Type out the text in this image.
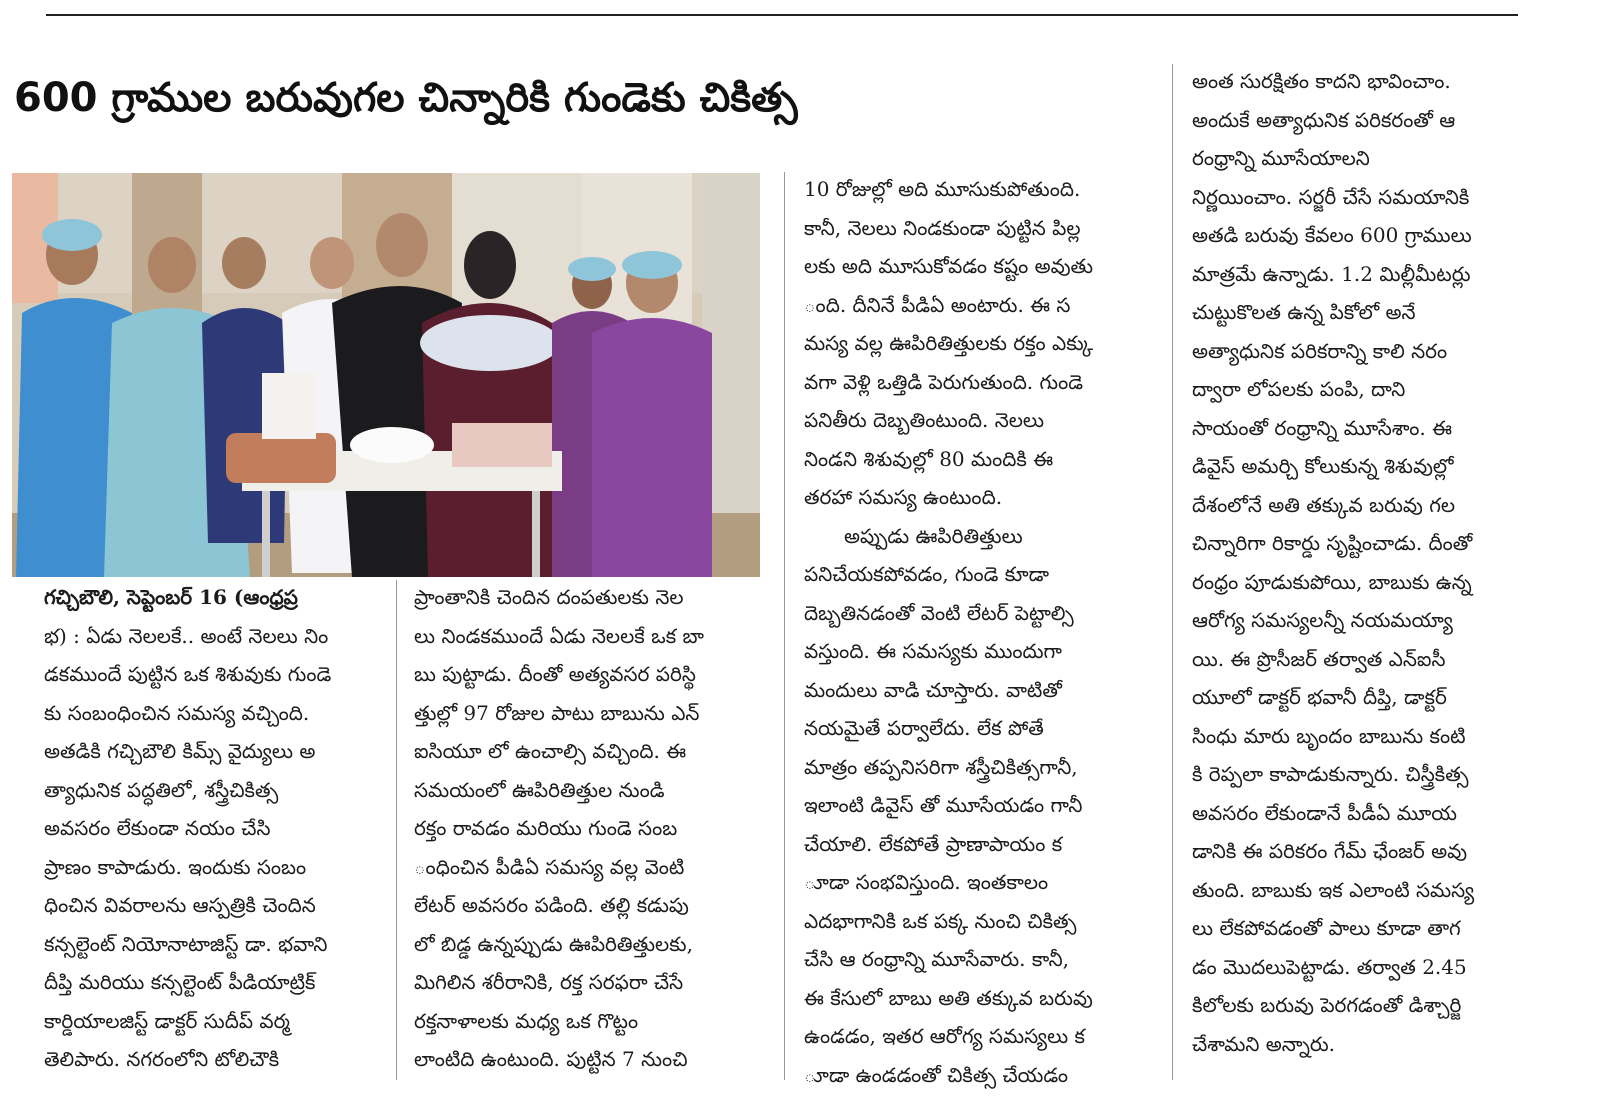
600 గ్రాముల బరువుగల చిన్నారికి గుండెకు చికిత్స
గచ్చిబౌలి, సెప్టెంబర్ 16 (ఆంధ్రప్ర
భ) : ఏడు నెలలకే.. అంటే నెలలు నిం
డకముందే పుట్టిన ఒక శిశువుకు గుండె
కు సంబంధించిన సమస్య వచ్చింది.
అతడికి గచ్చిబౌలి కిమ్స్ వైద్యులు అ
త్యాధునిక పద్ధతిలో, శస్త్రీచికిత్స
అవసరం లేకుండా నయం చేసి
ప్రాణం కాపాడురు. ఇందుకు సంబం
ధించిన వివరాలను ఆస్పత్రికి చెందిన
కన్సల్టెంట్ నియోనాటాజిస్ట్ డా. భవాని
దీప్తి మరియు కన్సల్టెంట్ పీడియాట్రిక్
కార్డియాలజిస్ట్ డాక్టర్ సుదీప్ వర్మ
తెలిపారు. నగరంలోని టోలిచౌకి
ప్రాంతానికి చెందిన దంపతులకు నెల
లు నిండకముందే ఏడు నెలలకే ఒక బా
బు పుట్టాడు. దీంతో అత్యవసర పరిస్థి
త్తుల్లో 97 రోజుల పాటు బాబును ఎన్
ఐసియూ లో ఉంచాల్సి వచ్చింది. ఈ
సమయంలో ఊపిరితిత్తుల నుండి
రక్తం రావడం మరియు గుండె సంబ
ంధించిన పీడిఏ సమస్య వల్ల వెంటి
లేటర్ అవసరం పడింది. తల్లి కడుపు
లో బిడ్డ ఉన్నప్పుడు ఊపిరితిత్తులకు,
మిగిలిన శరీరానికి, రక్త సరఫరా చేసే
రక్తనాళాలకు మధ్య ఒక గొట్టం
లాంటిది ఉంటుంది. పుట్టిన 7 నుంచి
10 రోజుల్లో అది మూసుకుపోతుంది.
కానీ, నెలలు నిండకుండా పుట్టిన పిల్ల
లకు అది మూసుకోవడం కష్టం అవుతు
ంది. దీనినే పీడిఏ అంటారు. ఈ స
మస్య వల్ల ఊపిరితిత్తులకు రక్తం ఎక్కు
వగా వెళ్లి ఒత్తిడి పెరుగుతుంది. గుండె
పనితీరు దెబ్బతింటుంది. నెలలు
నిండని శిశువుల్లో 80 మందికి ఈ
తరహా సమస్య ఉంటుంది.
అప్పుడు ఊపిరితిత్తులు
పనిచేయకపోవడం, గుండె కూడా
దెబ్బతినడంతో వెంటి లేటర్ పెట్టాల్సి
వస్తుంది. ఈ సమస్యకు ముందుగా
మందులు వాడి చూస్తారు. వాటితో
నయమైతే పర్వాలేదు. లేక పోతే
మాత్రం తప్పనిసరిగా శస్త్రీచికిత్సగానీ,
ఇలాంటి డివైస్ తో మూసేయడం గానీ
చేయాలి. లేకపోతే ప్రాణాపాయం క
ూడా సంభవిస్తుంది. ఇంతకాలం
ఎదభాగానికి ఒక పక్క నుంచి చికిత్స
చేసి ఆ రంధ్రాన్ని మూసేవారు. కానీ,
ఈ కేసులో బాబు అతి తక్కువ బరువు
ఉండడం, ఇతర ఆరోగ్య సమస్యలు క
ూడా ఉండడంతో చికిత్స చేయడం
అంత సురక్షితం కాదని భావించాం.
అందుకే అత్యాధునిక పరికరంతో ఆ
రంధ్రాన్ని మూసేయాలని
నిర్ణయించాం. సర్జరీ చేసే సమయానికి
అతడి బరువు కేవలం 600 గ్రాములు
మాత్రమే ఉన్నాడు. 1.2 మిల్లీమీటర్లు
చుట్టుకొలత ఉన్న పికోలో అనే
అత్యాధునిక పరికరాన్ని కాలి నరం
ద్వారా లోపలకు పంపి, దాని
సాయంతో రంధ్రాన్ని మూసేశాం. ఈ
డివైస్ అమర్చి కోలుకున్న శిశువుల్లో
దేశంలోనే అతి తక్కువ బరువు గల
చిన్నారిగా రికార్డు సృష్టించాడు. దీంతో
రంధ్రం పూడుకుపోయి, బాబుకు ఉన్న
ఆరోగ్య సమస్యలన్నీ నయమయ్యా
యి. ఈ ప్రొసీజర్ తర్వాత ఎన్ఐసీ
యూలో డాక్టర్ భవానీ దీప్తి, డాక్టర్
సింధు మారు బృందం బాబును కంటి
కి రెప్పలా కాపాడుకున్నారు. చిస్త్రీకిత్స
అవసరం లేకుండానే పీడీఏ మూయ
డానికి ఈ పరికరం గేమ్ ఛేంజర్ అవు
తుంది. బాబుకు ఇక ఎలాంటి సమస్య
లు లేకపోవడంతో పాలు కూడా తాగ
డం మొదలుపెట్టాడు. తర్వాత 2.45
కిలోలకు బరువు పెరగడంతో డిశ్చార్జి
చేశామని అన్నారు.
